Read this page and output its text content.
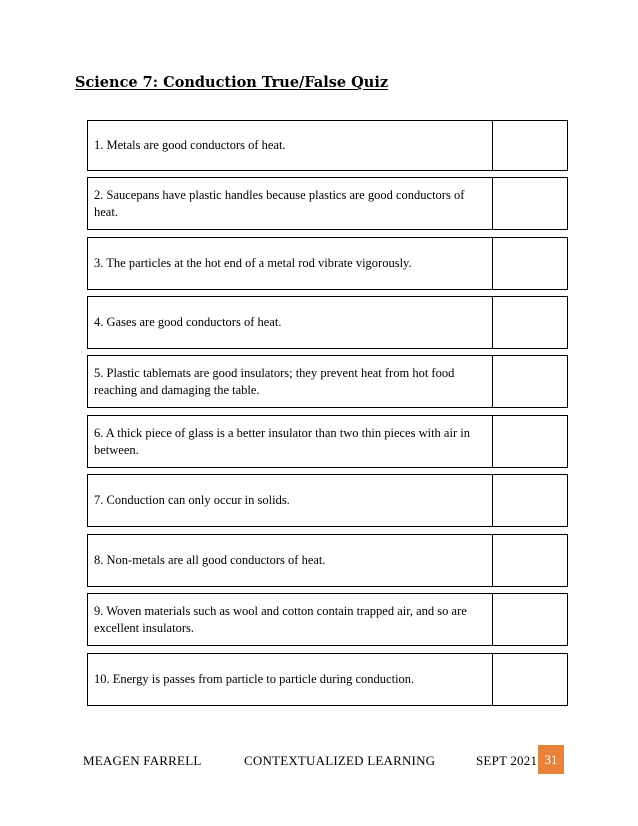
Science 7: Conduction True/False Quiz
1. Metals are good conductors of heat.
2. Saucepans have plastic handles because plastics are good conductors of heat.
3. The particles at the hot end of a metal rod vibrate vigorously.
4. Gases are good conductors of heat.
5. Plastic tablemats are good insulators; they prevent heat from hot food reaching and damaging the table.
6. A thick piece of glass is a better insulator than two thin pieces with air in between.
7. Conduction can only occur in solids.
8. Non-metals are all good conductors of heat.
9. Woven materials such as wool and cotton contain trapped air, and so are excellent insulators.
10. Energy is passes from particle to particle during conduction.
MEAGEN FARRELL	CONTEXTUALIZED LEARNING	SEPT 2021 31
